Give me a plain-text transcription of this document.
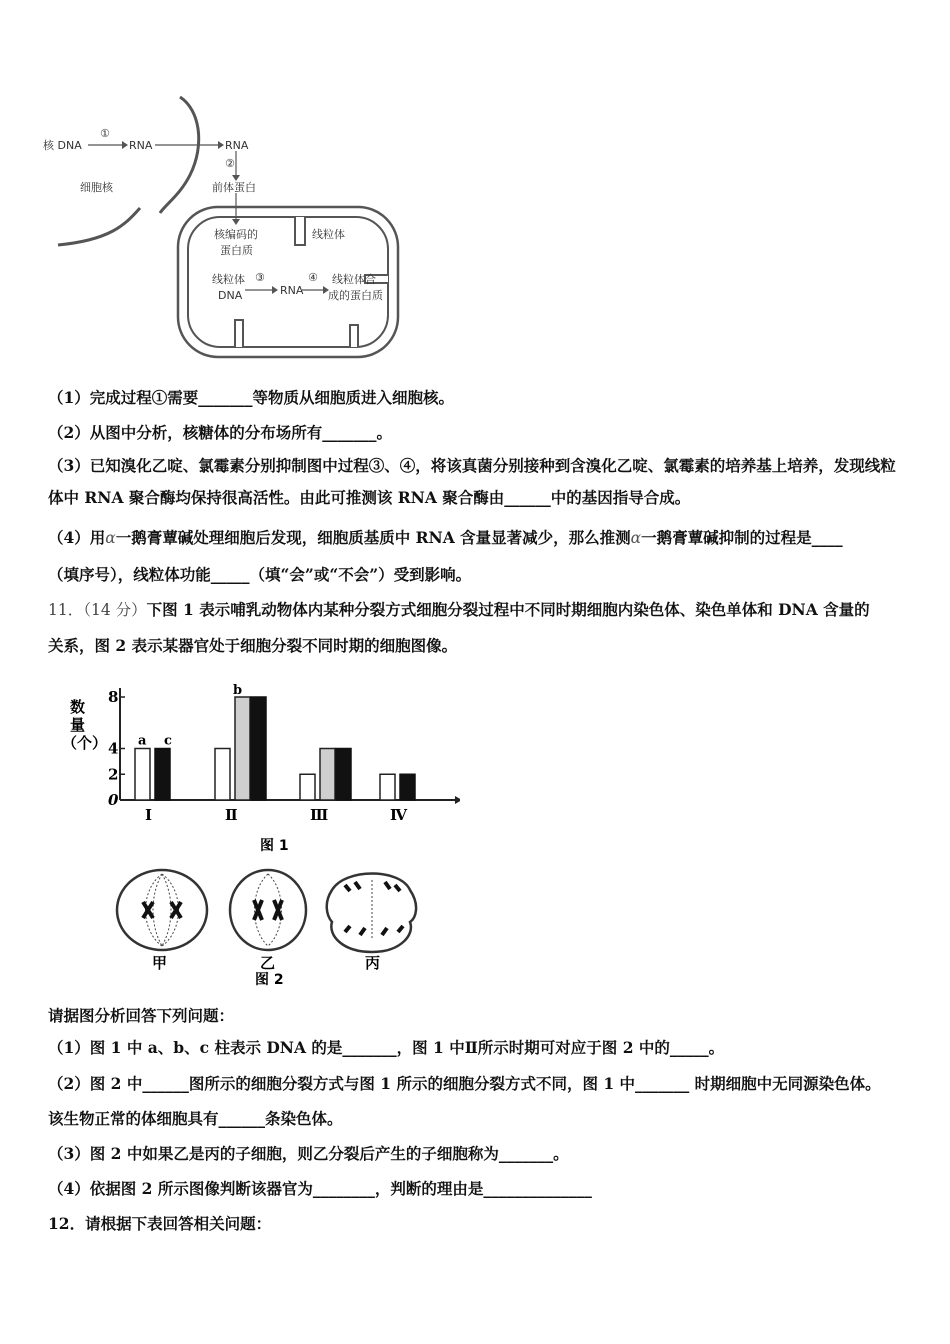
核 DNA
①
RNA	RNA
②
细胞核	前体蛋白
核编码的
蛋白质
线粒体
线粒体
DNA
③
RNA
④ 线粒体合
成的蛋白质
（1）完成过程①需要_______等物质从细胞质进入细胞核。
（2）从图中分析，核糖体的分布场所有_______。
（3）已知溴化乙啶、氯霉素分别抑制图中过程③、④，将该真菌分别接种到含溴化乙啶、氯霉素的培养基上培养，发现线粒体中 RNA 聚合酶均保持很高活性。由此可推测该 RNA 聚合酶由______中的基因指导合成。
（4）用α一鹅膏蕈碱处理细胞后发现，细胞质基质中 RNA 含量显著减少，那么推测α一鹅膏蕈碱抑制的过程是____
（填序号），线粒体功能_____（填“会”或“不会”）受到影响。
11．（14 分）下图 1 表示哺乳动物体内某种分裂方式细胞分裂过程中不同时期细胞内染色体、染色单体和 DNA 含量的
关系，图 2 表示某器官处于细胞分裂不同时期的细胞图像。
0
2
4
8
数
量
（个）
Ⅰ	Ⅱ	Ⅲ	Ⅳ
a
b
c
图 1
甲	乙	丙
图 2
请据图分析回答下列问题：
（1）图 1 中 a、b、c 柱表示 DNA 的是_______，图 1 中Ⅱ所示时期可对应于图 2 中的_____。
（2）图 2 中______图所示的细胞分裂方式与图 1 所示的细胞分裂方式不同，图 1 中_______ 时期细胞中无同源染色体。
该生物正常的体细胞具有______条染色体。
（3）图 2 中如果乙是丙的子细胞，则乙分裂后产生的子细胞称为_______。
（4）依据图 2 所示图像判断该器官为________，判断的理由是______________
12．请根据下表回答相关问题：
